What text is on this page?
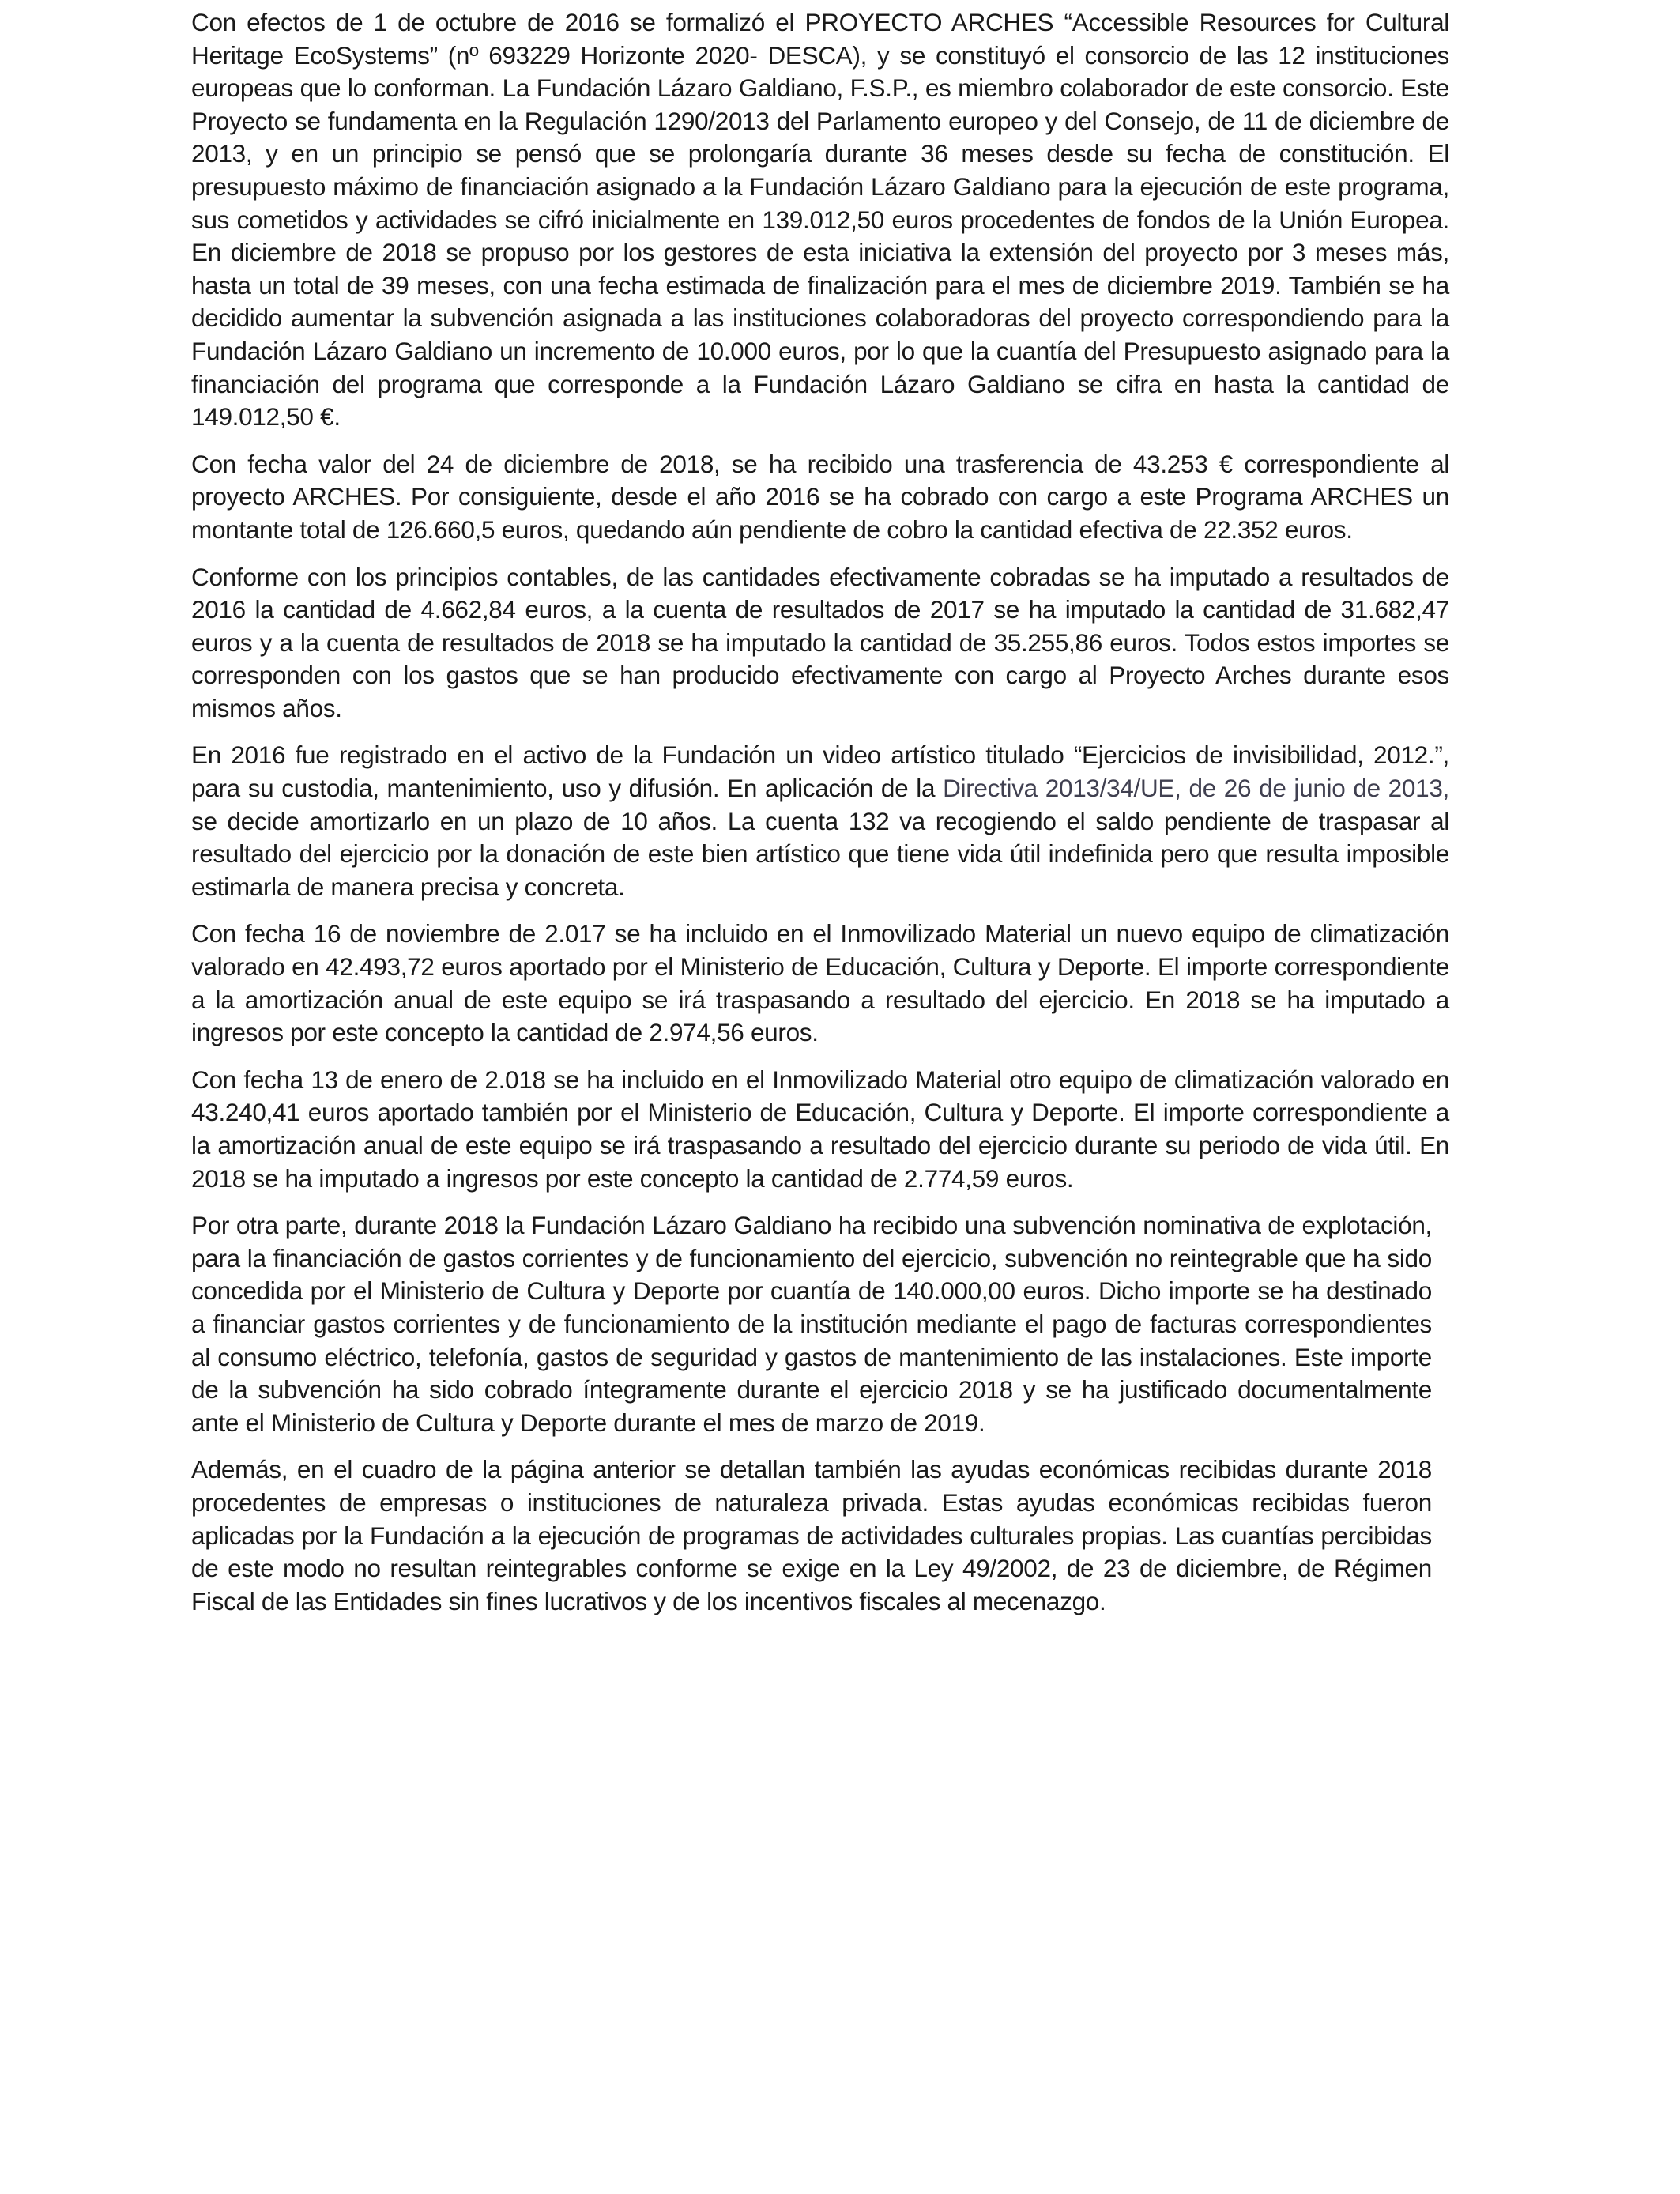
Con efectos de 1 de octubre de 2016 se formalizó el PROYECTO ARCHES “Accessible Resources for Cultural Heritage EcoSystems” (nº 693229 Horizonte 2020- DESCA), y se constituyó el consorcio de las 12 instituciones europeas que lo conforman. La Fundación Lázaro Galdiano, F.S.P., es miembro colaborador de este consorcio. Este Proyecto se fundamenta en la Regulación 1290/2013 del Parlamento europeo y del Consejo, de 11 de diciembre de 2013, y en un principio se pensó que se prolongaría durante 36 meses desde su fecha de constitución. El presupuesto máximo de financiación asignado a la Fundación Lázaro Galdiano para la ejecución de este programa, sus cometidos y actividades se cifró inicialmente en 139.012,50 euros procedentes de fondos de la Unión Europea. En diciembre de 2018 se propuso por los gestores de esta iniciativa la extensión del proyecto por 3 meses más, hasta un total de 39 meses, con una fecha estimada de finalización para el mes de diciembre 2019. También se ha decidido aumentar la subvención asignada a las instituciones colaboradoras del proyecto correspondiendo para la Fundación Lázaro Galdiano un incremento de 10.000 euros, por lo que la cuantía del Presupuesto asignado para la financiación del programa que corresponde a la Fundación Lázaro Galdiano se cifra en hasta la cantidad de 149.012,50 €.

Con fecha valor del 24 de diciembre de 2018, se ha recibido una trasferencia de 43.253 € correspondiente al proyecto ARCHES. Por consiguiente, desde el año 2016 se ha cobrado con cargo a este Programa ARCHES un montante total de 126.660,5 euros, quedando aún pendiente de cobro la cantidad efectiva de 22.352 euros.

Conforme con los principios contables, de las cantidades efectivamente cobradas se ha imputado a resultados de 2016 la cantidad de 4.662,84 euros, a la cuenta de resultados de 2017 se ha imputado la cantidad de 31.682,47 euros y a la cuenta de resultados de 2018 se ha imputado la cantidad de 35.255,86 euros. Todos estos importes se corresponden con los gastos que se han producido efectivamente con cargo al Proyecto Arches durante esos mismos años.

En 2016 fue registrado en el activo de la Fundación un video artístico titulado “Ejercicios de invisibilidad, 2012.”, para su custodia, mantenimiento, uso y difusión. En aplicación de la Directiva 2013/34/UE, de 26 de junio de 2013, se decide amortizarlo en un plazo de 10 años. La cuenta 132 va recogiendo el saldo pendiente de traspasar al resultado del ejercicio por la donación de este bien artístico que tiene vida útil indefinida pero que resulta imposible estimarla de manera precisa y concreta.

Con fecha 16 de noviembre de 2.017 se ha incluido en el Inmovilizado Material un nuevo equipo de climatización valorado en 42.493,72 euros aportado por el Ministerio de Educación, Cultura y Deporte. El importe correspondiente a la amortización anual de este equipo se irá traspasando a resultado del ejercicio. En 2018 se ha imputado a ingresos por este concepto la cantidad de 2.974,56 euros.

Con fecha 13 de enero de 2.018 se ha incluido en el Inmovilizado Material otro equipo de climatización valorado en 43.240,41 euros aportado también por el Ministerio de Educación, Cultura y Deporte. El importe correspondiente a la amortización anual de este equipo se irá traspasando a resultado del ejercicio durante su periodo de vida útil. En 2018 se ha imputado a ingresos por este concepto la cantidad de 2.774,59 euros.

Por otra parte, durante 2018 la Fundación Lázaro Galdiano ha recibido una subvención nominativa de explotación, para la financiación de gastos corrientes y de funcionamiento del ejercicio, subvención no reintegrable que ha sido concedida por el Ministerio de Cultura y Deporte por cuantía de 140.000,00 euros. Dicho importe se ha destinado a financiar gastos corrientes y de funcionamiento de la institución mediante el pago de facturas correspondientes al consumo eléctrico, telefonía, gastos de seguridad y gastos de mantenimiento de las instalaciones. Este importe de la subvención ha sido cobrado íntegramente durante el ejercicio 2018 y se ha justificado documentalmente ante el Ministerio de Cultura y Deporte durante el mes de marzo de 2019.

Además, en el cuadro de la página anterior se detallan también las ayudas económicas recibidas durante 2018 procedentes de empresas o instituciones de naturaleza privada. Estas ayudas económicas recibidas fueron aplicadas por la Fundación a la ejecución de programas de actividades culturales propias. Las cuantías percibidas de este modo no resultan reintegrables conforme se exige en la Ley 49/2002, de 23 de diciembre, de Régimen Fiscal de las Entidades sin fines lucrativos y de los incentivos fiscales al mecenazgo.
